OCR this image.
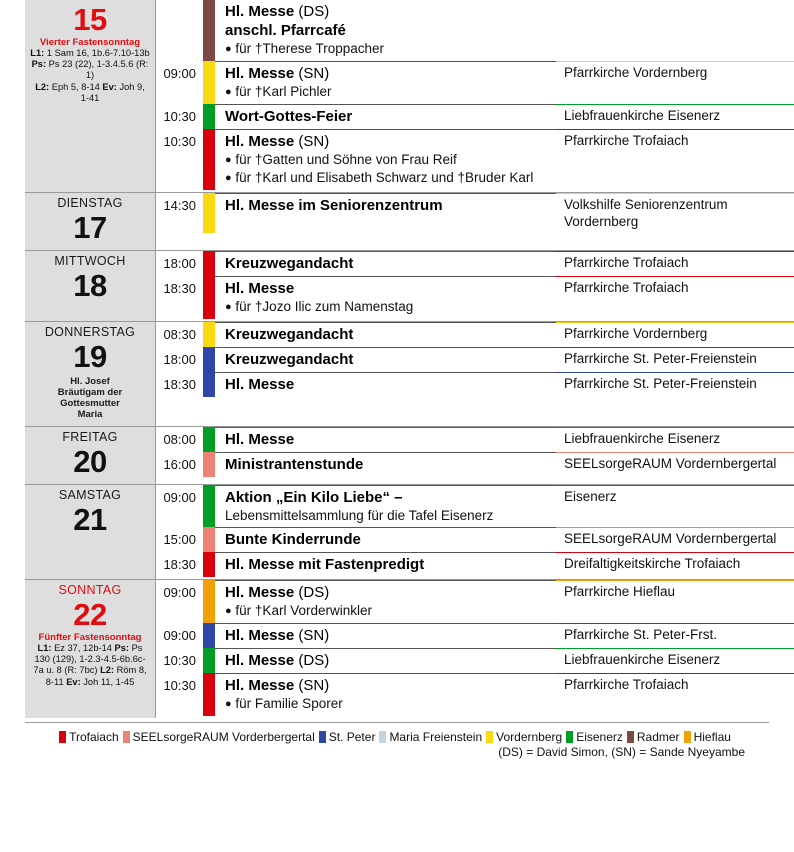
15
Vierter Fastensonntag
L1: 1 Sam 16, 1b.6-7.10-13b
Ps: Ps 23 (22), 1-3.4.5.6 (R: 1)
L2: Eph 5, 8-14 Ev: Joh 9, 1-41
Hl. Messe (DS)
anschl. Pfarrcafé
● für †Therese Troppacher
09:00	Hl. Messe (SN)
● für †Karl Pichler
Pfarrkirche Vordernberg
10:30	Wort-Gottes-Feier	Liebfrauenkirche Eisenerz
10:30	Hl. Messe (SN)
● für †Gatten und Söhne von Frau Reif
● für †Karl und Elisabeth Schwarz und †Bruder Karl
Pfarrkirche Trofaiach
DIENSTAG
17
14:30	Hl. Messe im Seniorenzentrum	Volkshilfe Seniorenzentrum Vordernberg
MITTWOCH
18
18:00	Kreuzwegandacht	Pfarrkirche Trofaiach
18:30	Hl. Messe
● für †Jozo Ilic zum Namenstag
Pfarrkirche Trofaiach
DONNERSTAG
19
Hl. Josef
Bräutigam der Gottesmutter
Maria
08:30	Kreuzwegandacht	Pfarrkirche Vordernberg
18:00	Kreuzwegandacht	Pfarrkirche St. Peter-Freienstein
18:30	Hl. Messe	Pfarrkirche St. Peter-Freienstein
FREITAG
20
08:00	Hl. Messe	Liebfrauenkirche Eisenerz
16:00	Ministrantenstunde	SEELsorgeRAUM Vordernbergertal
SAMSTAG
21
09:00	Aktion „Ein Kilo Liebe“ –
Lebensmittelsammlung für die Tafel Eisenerz
Eisenerz
15:00	Bunte Kinderrunde	SEELsorgeRAUM Vordernbergertal
18:30	Hl. Messe mit Fastenpredigt	Dreifaltigkeitskirche Trofaiach
SONNTAG
22
Fünfter Fastensonntag
L1: Ez 37, 12b-14 Ps: Ps 130 (129), 1-2.3-4.5-6b.6c-7a u. 8 (R: 7bc) L2: Röm 8, 8-11 Ev: Joh 11, 1-45
09:00	Hl. Messe (DS)
● für †Karl Vorderwinkler
Pfarrkirche Hieflau
09:00	Hl. Messe (SN)	Pfarrkirche St. Peter-Frst.
10:30	Hl. Messe (DS)	Liebfrauenkirche Eisenerz
10:30	Hl. Messe (SN)
● für Familie Sporer
Pfarrkirche Trofaiach
Trofaiach SEELsorgeRAUM Vorderbergertal St. Peter Maria Freienstein Vordernberg Eisenerz Radmer Hieflau
(DS) = David Simon, (SN) = Sande Nyeyambe
